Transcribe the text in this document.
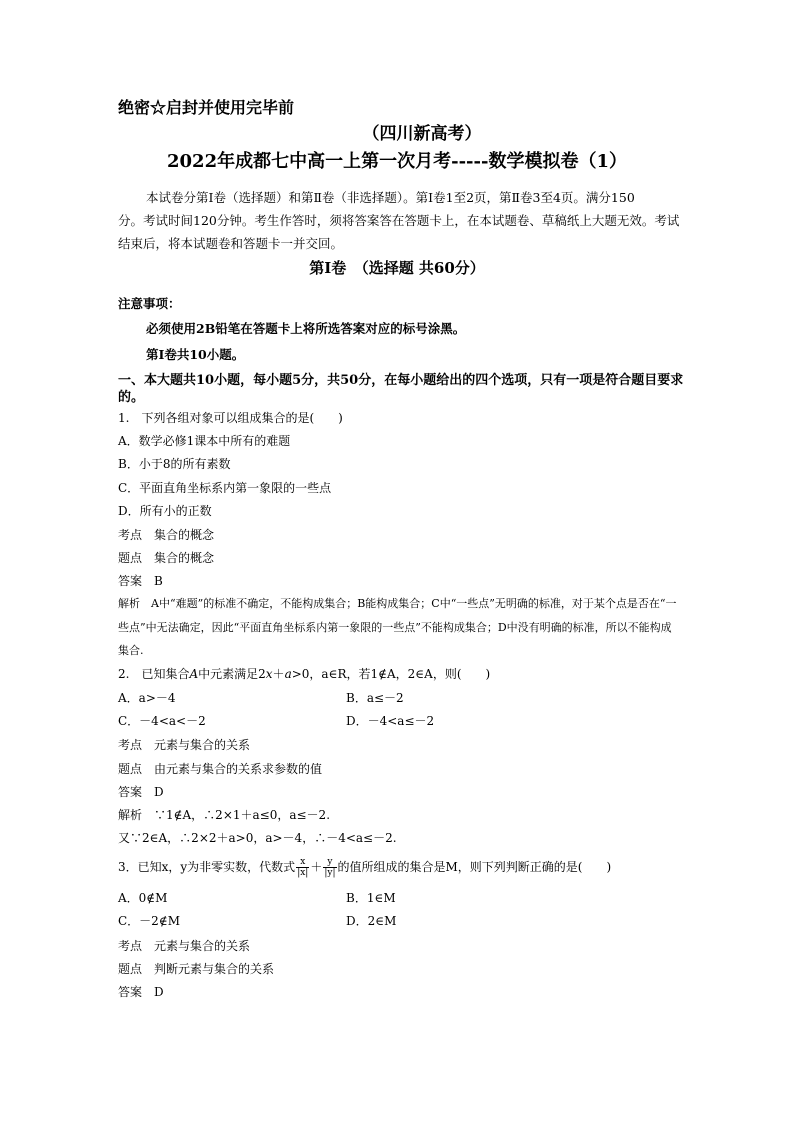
绝密☆启封并使用完毕前
（四川新高考）
2022年成都七中高一上第一次月考-----数学模拟卷（1）
本试卷分第Ⅰ卷（选择题）和第Ⅱ卷（非选择题）。第Ⅰ卷1至2页，第Ⅱ卷3至4页。满分150
分。考试时间120分钟。考生作答时，须将答案答在答题卡上，在本试题卷、草稿纸上大题无效。考试
结束后，将本试题卷和答题卡一并交回。
第Ⅰ卷　（选择题 共60分）
注意事项：
必须使用2B铅笔在答题卡上将所选答案对应的标号涂黑。
第Ⅰ卷共10小题。
一、本大题共10小题，每小题5分，共50分，在每小题给出的四个选项，只有一项是符合题目要求
的。
1.　下列各组对象可以组成集合的是(　　)
A．数学必修1课本中所有的难题
B．小于8的所有素数
C．平面直角坐标系内第一象限的一些点
D．所有小的正数
考点　集合的概念
题点　集合的概念
答案　B
解析　A中“难题”的标准不确定，不能构成集合；B能构成集合；C中“一些点”无明确的标准，对于某个点是否在“一
些点”中无法确定，因此“平面直角坐标系内第一象限的一些点”不能构成集合；D中没有明确的标准，所以不能构成
集合.
2.　已知集合A中元素满足2x＋a>0，a∈R，若1∉A，2∈A，则(　　)
A．a>－4	B．a≤－2
C．－4<a<－2	D．－4<a≤－2
考点　元素与集合的关系
题点　由元素与集合的关系求参数的值
答案　D
解析　∵1∉A，∴2×1＋a≤0，a≤－2.
又∵2∈A，∴2×2＋a>0，a>－4，∴－4<a≤－2.
3．已知x，y为非零实数，代数式 $\frac{x}{|x|} + \frac{y}{|y|}$ 的值所组成的集合是M，则下列判断正确的是(　　)
A．0∉M	B．1∈M
C．－2∉M	D．2∈M
考点　元素与集合的关系
题点　判断元素与集合的关系
答案　D
